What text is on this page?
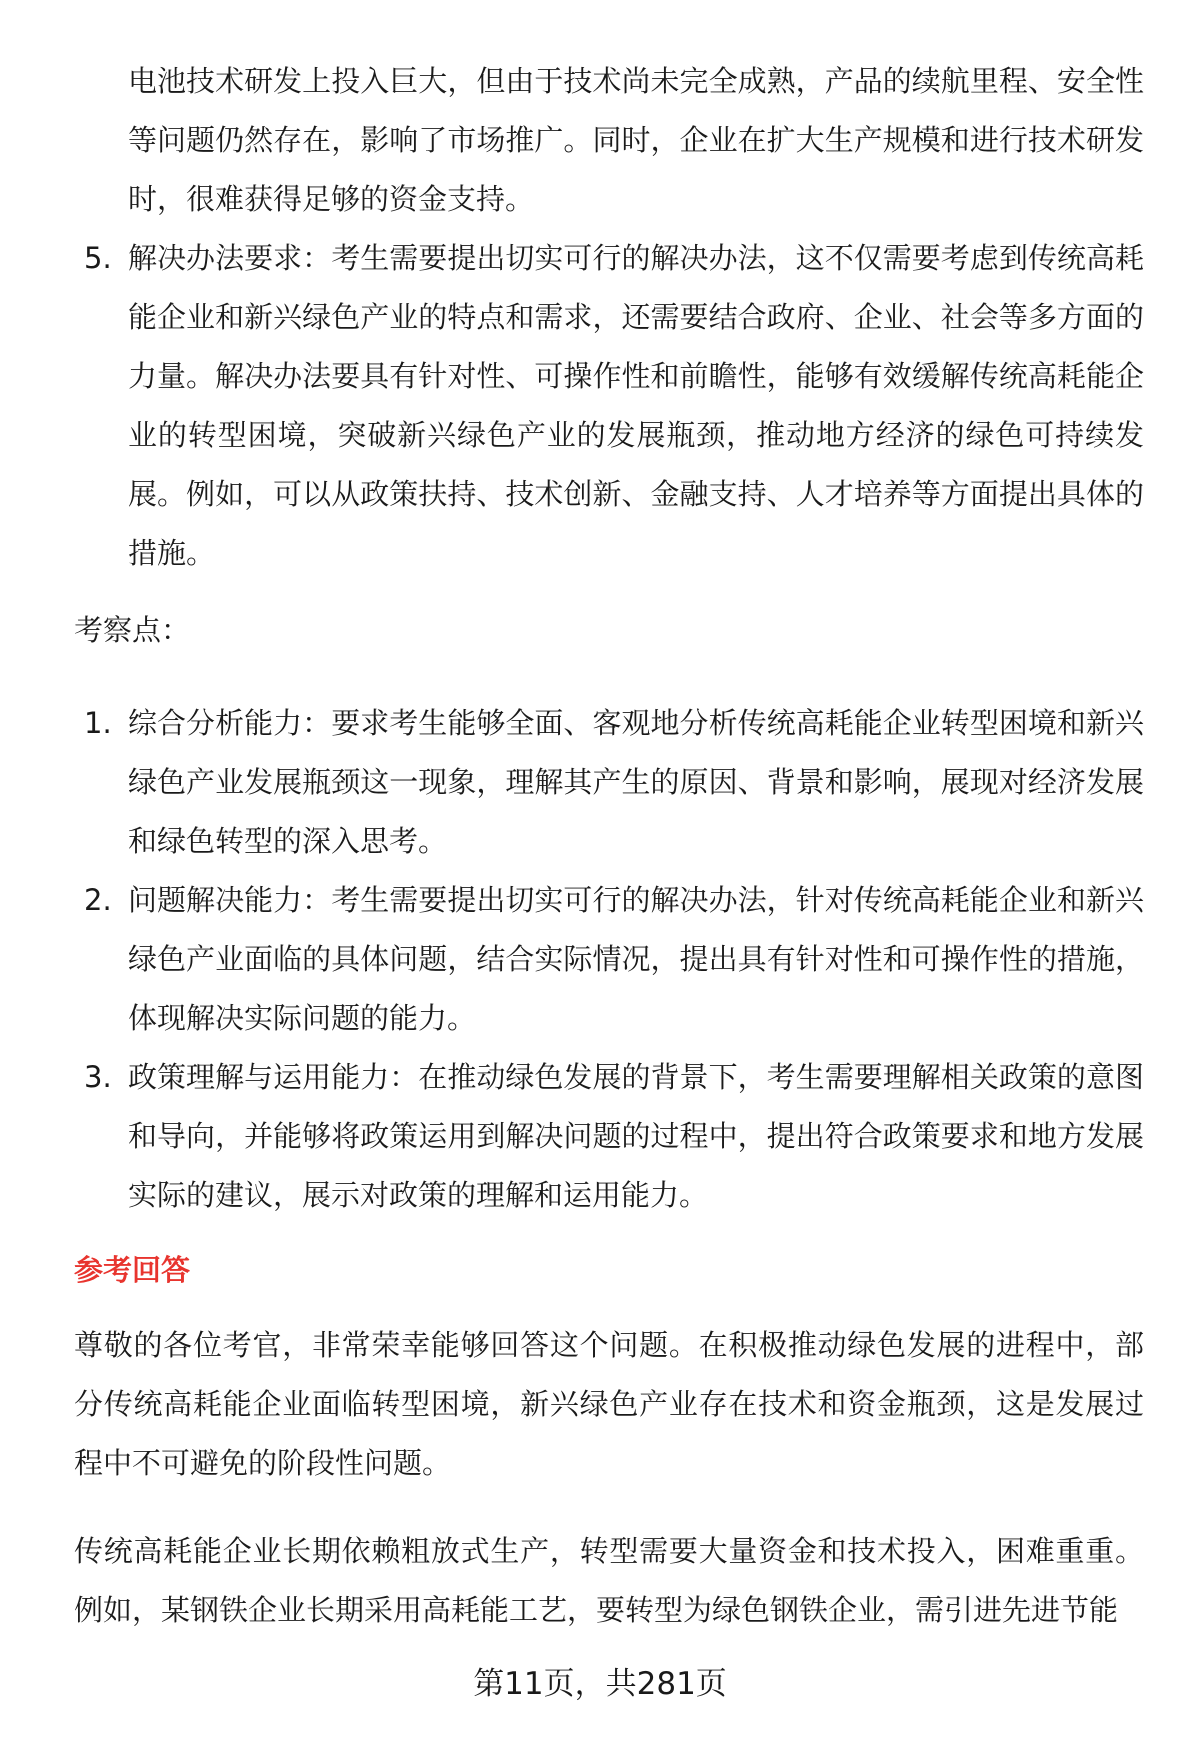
电池技术研发上投入巨大，但由于技术尚未完全成熟，产品的续航里程、安全性等问题仍然存在，影响了市场推广。同时，企业在扩大生产规模和进行技术研发时，很难获得足够的资金支持。
5. 解决办法要求：考生需要提出切实可行的解决办法，这不仅需要考虑到传统高耗能企业和新兴绿色产业的特点和需求，还需要结合政府、企业、社会等多方面的力量。解决办法要具有针对性、可操作性和前瞻性，能够有效缓解传统高耗能企业的转型困境，突破新兴绿色产业的发展瓶颈，推动地方经济的绿色可持续发展。例如，可以从政策扶持、技术创新、金融支持、人才培养等方面提出具体的措施。
考察点：
1. 综合分析能力：要求考生能够全面、客观地分析传统高耗能企业转型困境和新兴绿色产业发展瓶颈这一现象，理解其产生的原因、背景和影响，展现对经济发展和绿色转型的深入思考。
2. 问题解决能力：考生需要提出切实可行的解决办法，针对传统高耗能企业和新兴绿色产业面临的具体问题，结合实际情况，提出具有针对性和可操作性的措施，体现解决实际问题的能力。
3. 政策理解与运用能力：在推动绿色发展的背景下，考生需要理解相关政策的意图和导向，并能够将政策运用到解决问题的过程中，提出符合政策要求和地方发展实际的建议，展示对政策的理解和运用能力。
参考回答

尊敬的各位考官，非常荣幸能够回答这个问题。在积极推动绿色发展的进程中，部分传统高耗能企业面临转型困境，新兴绿色产业存在技术和资金瓶颈，这是发展过程中不可避免的阶段性问题。

传统高耗能企业长期依赖粗放式生产，转型需要大量资金和技术投入，困难重重。例如，某钢铁企业长期采用高耗能工艺，要转型为绿色钢铁企业，需引进先进节能

第11页，共281页
